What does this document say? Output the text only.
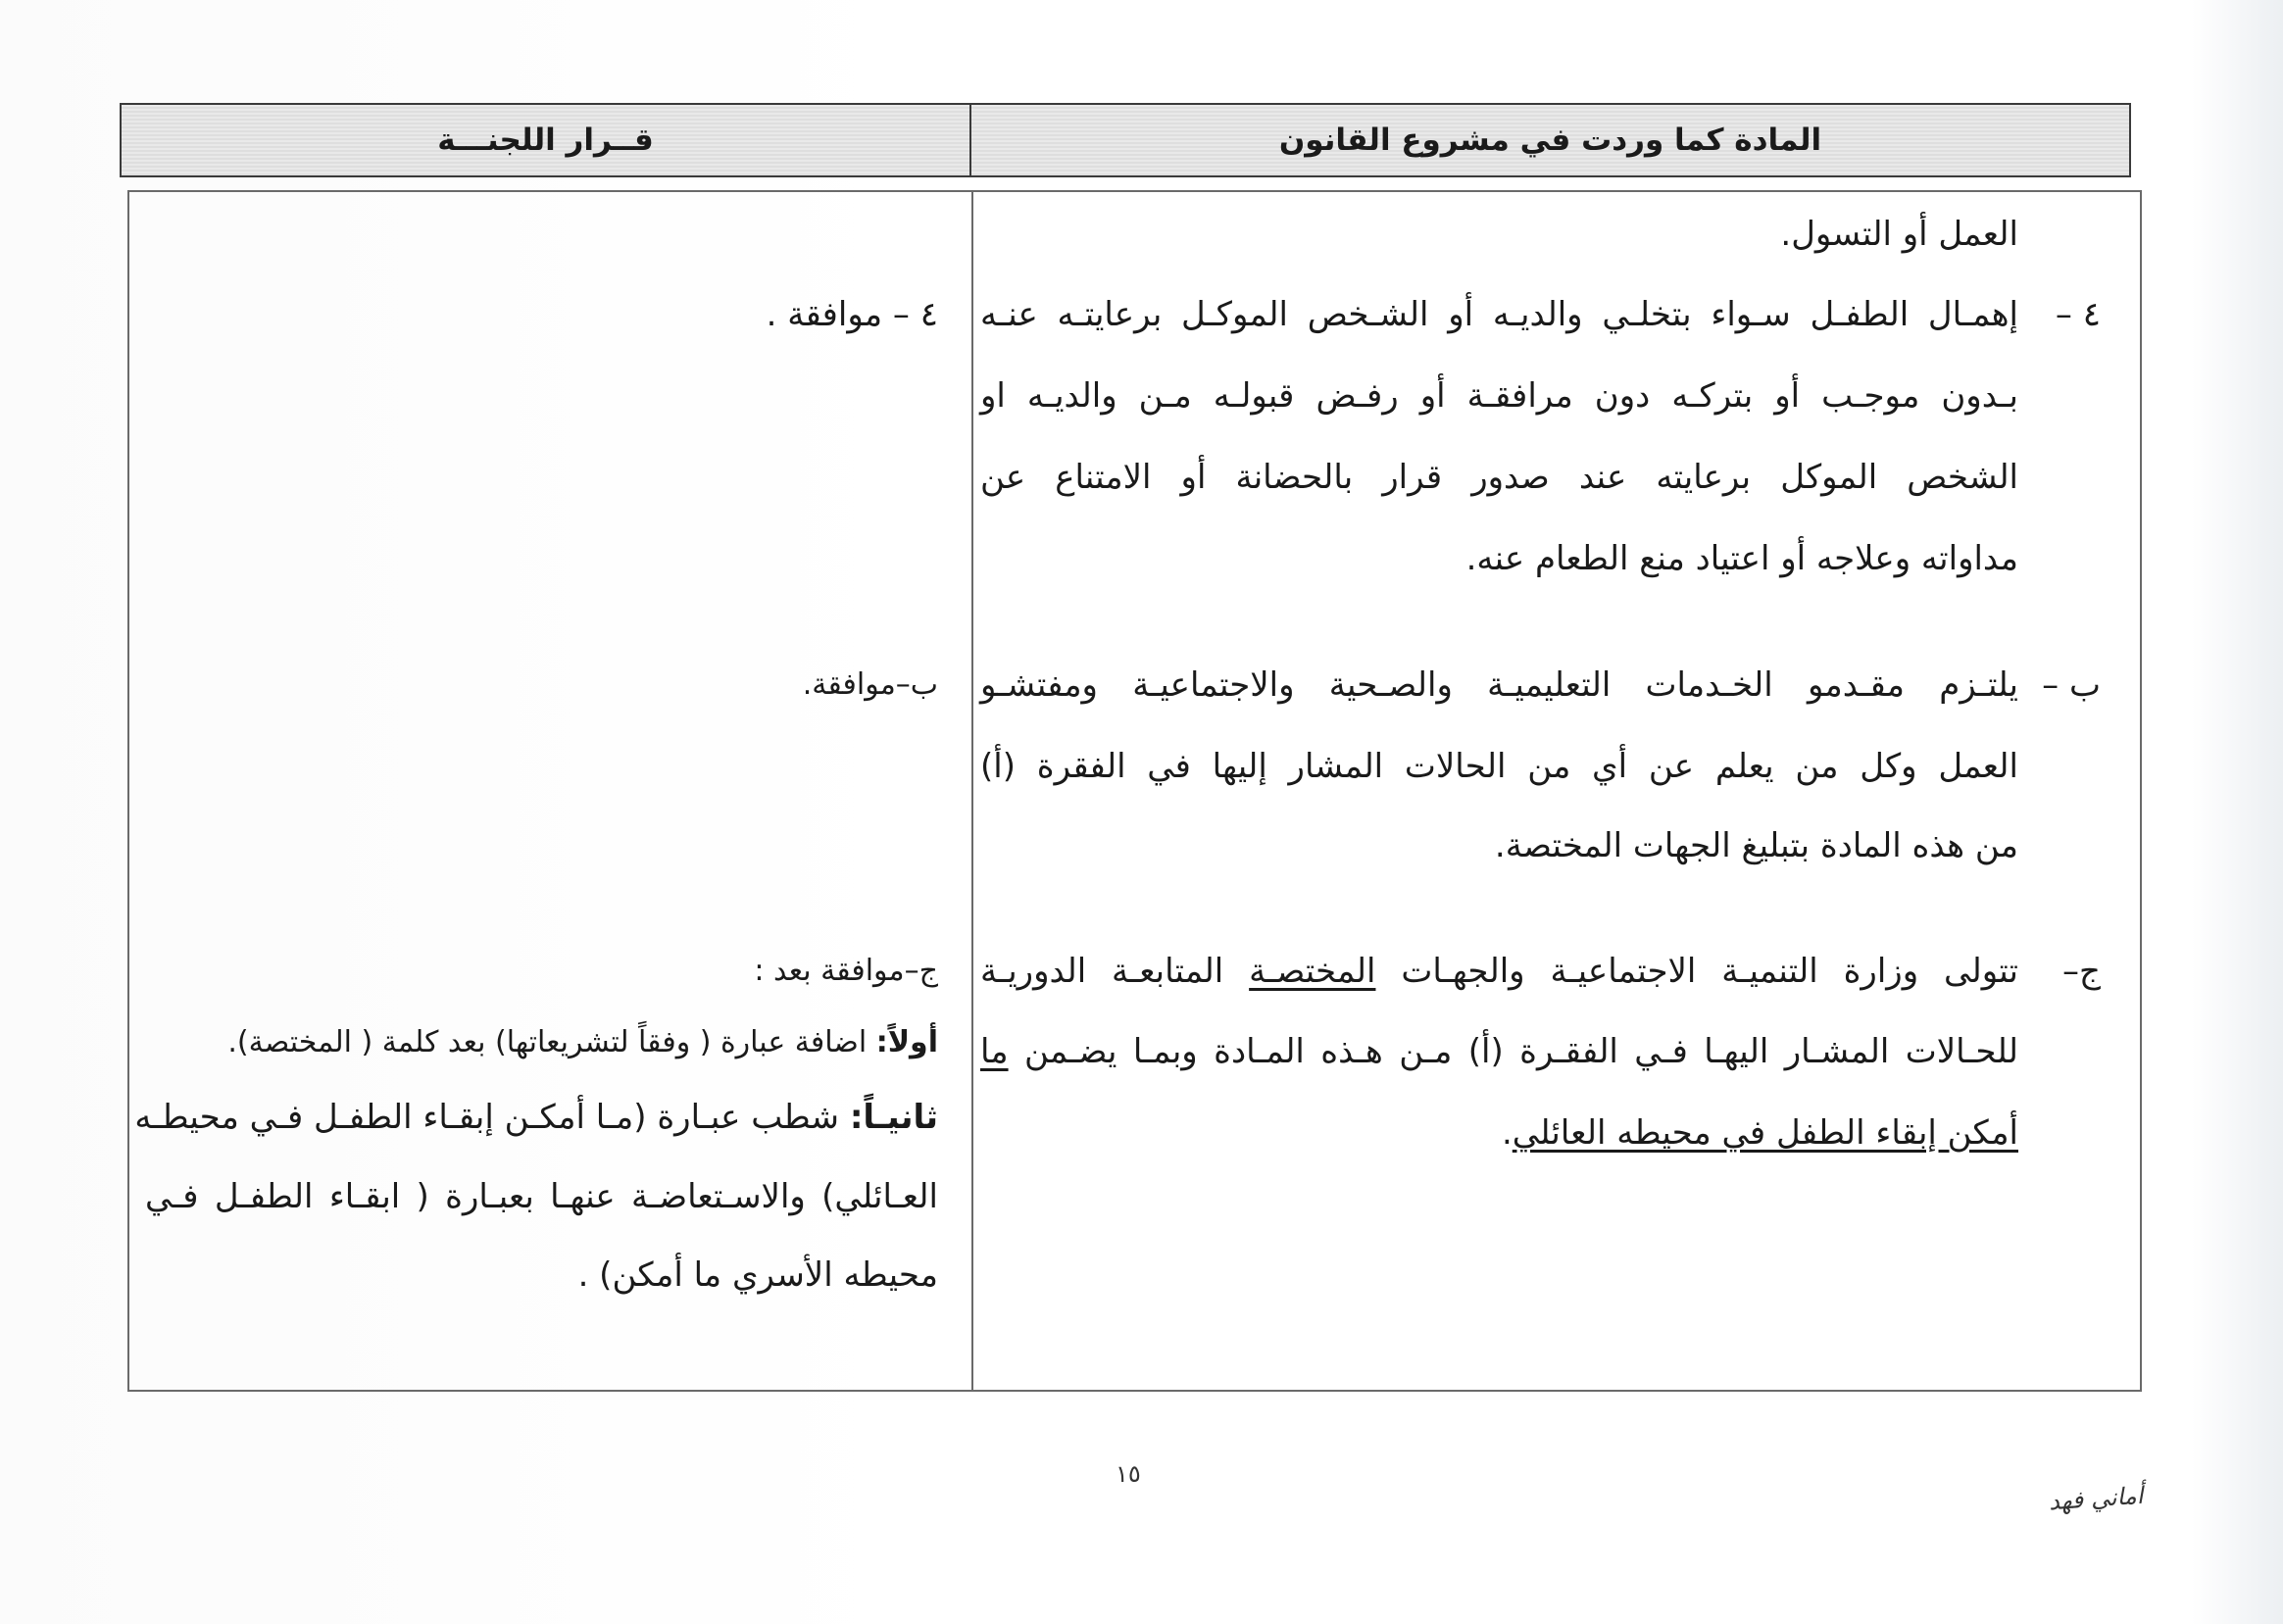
المادة كما وردت في مشروع القانون
قــرار اللجنـــة
العمل أو التسول.
٤ –
إهمـال الطفـل سـواء بتخلـي والديـه أو الشـخص الموكـل برعايتـه عنـه
بـدون موجـب أو بتركـه دون مرافقـة أو رفـض قبولـه مـن والديـه او
الشخص الموكل برعايته عند صدور قرار بالحضانة أو الامتناع عن
مداواته وعلاجه أو اعتياد منع الطعام عنه.
ب –
يلتـزم مقـدمو الخـدمات التعليميـة والصـحية والاجتماعيـة ومفتشـو
العمل وكل من يعلم عن أي من الحالات المشار إليها في الفقرة (أ)
من هذه المادة بتبليغ الجهات المختصة.
ج–
تتولى وزارة التنميـة الاجتماعيـة والجهـات المختصـة المتابعـة الدوريـة
للحـالات المشـار اليهـا فـي الفقـرة (أ) مـن هـذه المـادة وبمـا يضـمن ما
أمكن إبقاء الطفل في محيطه العائلي.
٤ – موافقة .
ب–موافقة.
ج–موافقة بعد :
أولاً: اضافة عبارة ( وفقاً لتشريعاتها) بعد كلمة ( المختصة).
ثانيـاً: شطب عبـارة (مـا أمكـن إبقـاء الطفـل فـي محيطـه
العـائلي) والاسـتعاضـة عنهـا بعبـارة ( ابقـاء الطفـل فـي
محيطه الأسري ما أمكن) .
١٥
أماني فهد
